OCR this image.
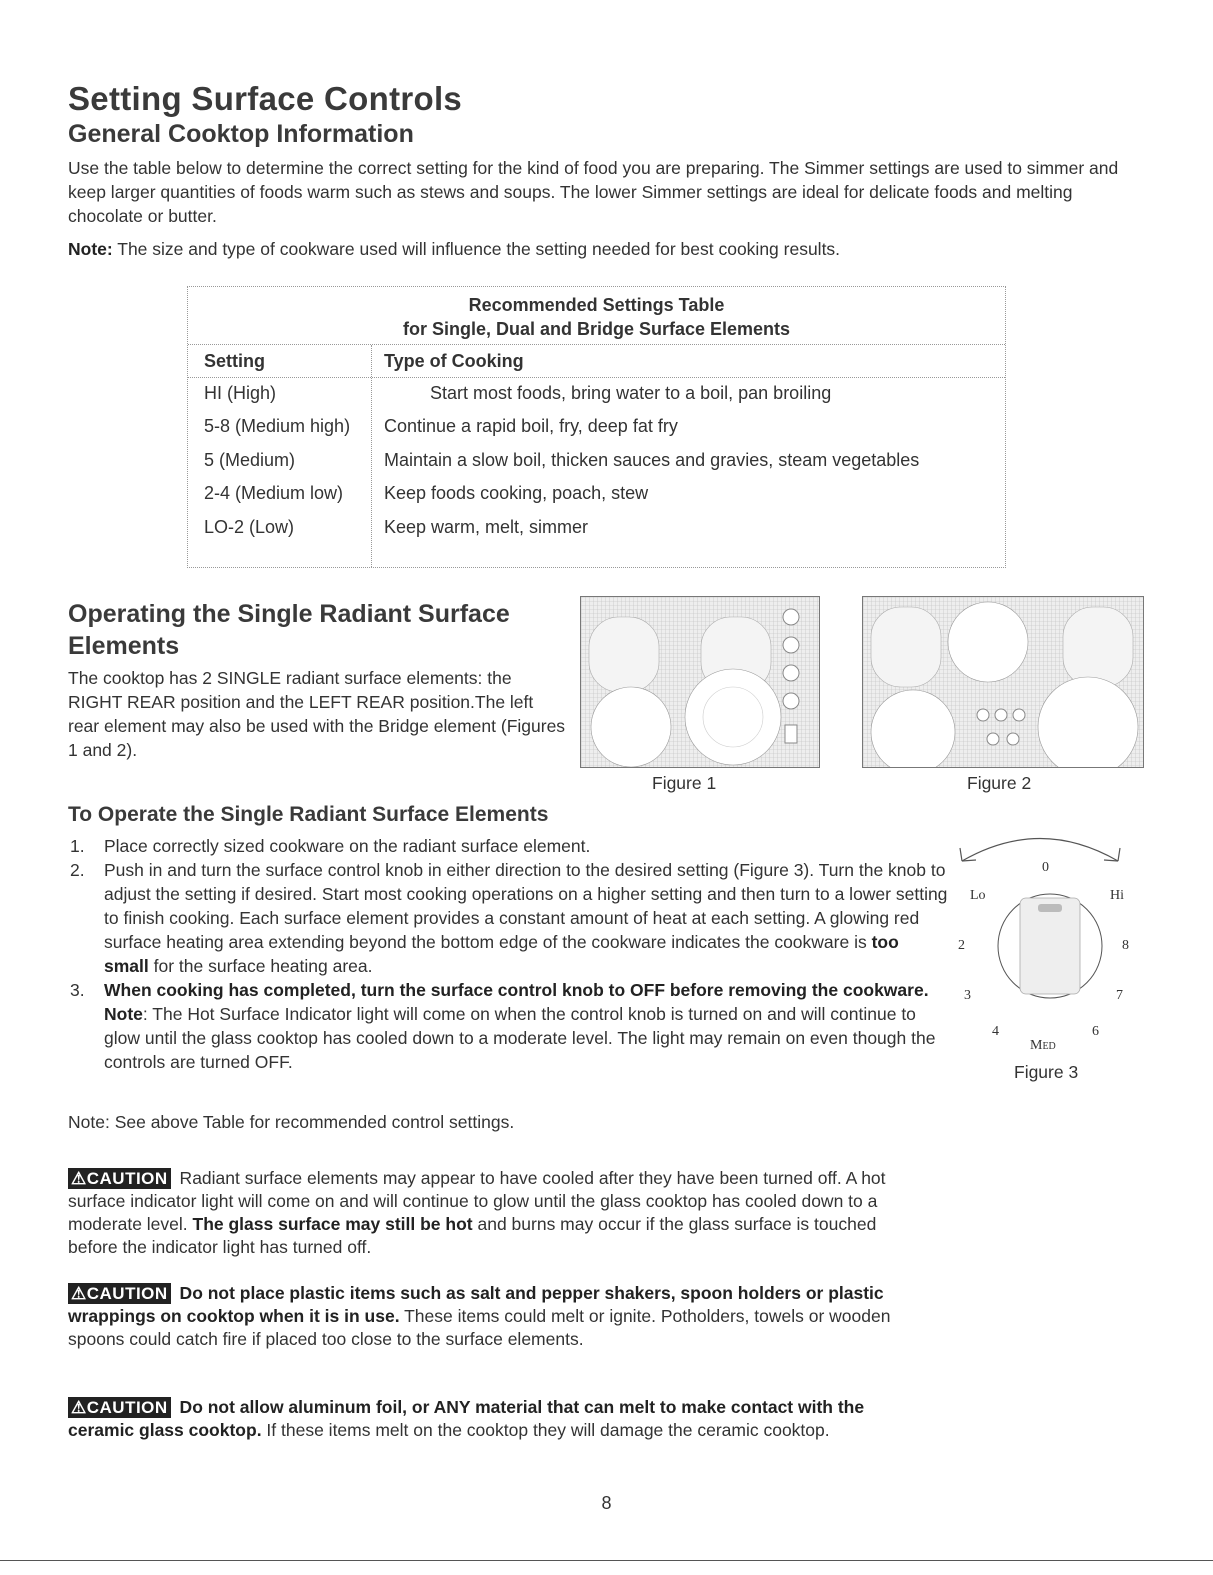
Setting Surface Controls
General Cooktop Information
Use the table below to determine the correct setting for the kind of food you are preparing. The Simmer settings are used to simmer and keep larger quantities of foods warm such as stews and soups. The lower Simmer settings are ideal for delicate foods and melting chocolate or butter.
Note: The size and type of cookware used will influence the setting needed for best cooking results.
Recommended Settings Table
for Single, Dual and Bridge Surface Elements
Setting	Type of Cooking
HI (High)	Start most foods, bring water to a boil, pan broiling
5-8 (Medium high) Continue a rapid boil, fry, deep fat fry
5 (Medium)	Maintain a slow boil, thicken sauces and gravies, steam vegetables
2-4 (Medium low) Keep foods cooking, poach, stew
LO-2 (Low)	Keep warm, melt, simmer
Operating the Single Radiant Surface Elements
The cooktop has 2 SINGLE radiant surface elements: the RIGHT REAR position and the LEFT REAR position.The left rear element may also be used with the Bridge element (Figures 1 and 2).
Figure 1	Figure 2
To Operate the Single Radiant Surface Elements
1. Place correctly sized cookware on the radiant surface element.
2. Push in and turn the surface control knob in either direction to the desired setting (Figure 3). Turn the knob to adjust the setting if desired. Start most cooking operations on a higher setting and then turn to a lower setting to finish cooking. Each surface element provides a constant amount of heat at each setting. A glowing red surface heating area extending beyond the bottom edge of the cookware indicates the cookware is too small for the surface heating area.
3. When cooking has completed, turn the surface control knob to OFF before removing the cookware. Note: The Hot Surface Indicator light will come on when the control knob is turned on and will continue to glow until the glass cooktop has cooled down to a moderate level. The light may remain on even though the controls are turned OFF.
Note: See above Table for recommended control settings.
0
Lo	Hi
2	8
3	7
4	6
Med
Figure 3
⚠CAUTION Radiant surface elements may appear to have cooled after they have been turned off. A hot surface indicator light will come on and will continue to glow until the glass cooktop has cooled down to a moderate level. The glass surface may still be hot and burns may occur if the glass surface is touched before the indicator light has turned off.
⚠CAUTION Do not place plastic items such as salt and pepper shakers, spoon holders or plastic wrappings on cooktop when it is in use. These items could melt or ignite. Potholders, towels or wooden spoons could catch fire if placed too close to the surface elements.
⚠CAUTION Do not allow aluminum foil, or ANY material that can melt to make contact with the ceramic glass cooktop. If these items melt on the cooktop they will damage the ceramic cooktop.
8
